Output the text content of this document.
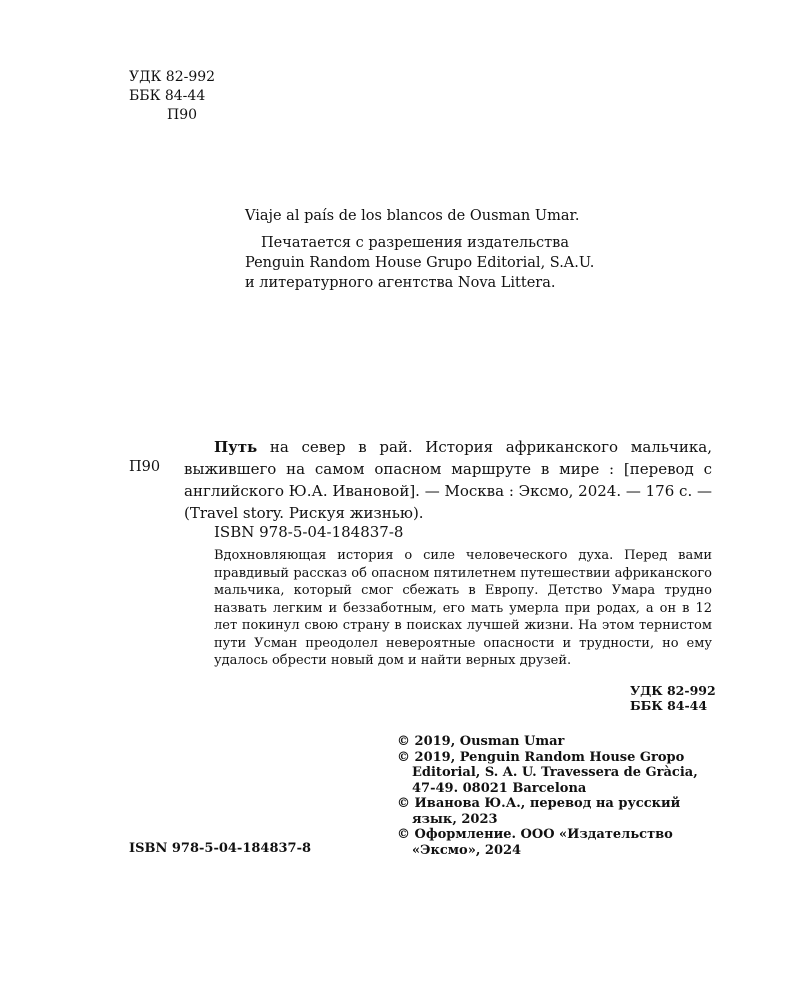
УДК 82-992
ББК 84-44
П90
Viaje al país de los blancos de Ousman Umar.
Печатается с разрешения издательства
Penguin Random House Grupo Editorial, S.A.U.
и литературного агентства Nova Littera.
П90

Путь на север в рай. История африканского мальчика, выжившего на самом опасном маршруте в мире : [перевод с английского Ю.А. Ивановой]. — Москва : Эксмо, 2024. — 176 с. — (Travel story. Рискуя жизнью).

ISBN 978-5-04-184837-8

Вдохновляющая история о силе человеческого духа. Перед вами правдивый рассказ об опасном пятилетнем путешествии африканского мальчика, который смог сбежать в Европу. Детство Умара трудно назвать легким и беззаботным, его мать умерла при родах, а он в 12 лет покинул свою страну в поисках лучшей жизни. На этом тернистом пути Усман преодолел невероятные опасности и трудности, но ему удалось обрести новый дом и найти верных друзей.

УДК 82-992
ББК 84-44
© 2019, Ousman Umar
© 2019, Penguin Random House Gropo Editorial, S. A. U. Travessera de Gràcia, 47-49. 08021 Barcelona
© Иванова Ю.А., перевод на русский язык, 2023
© Оформление. ООО «Издательство «Эксмо», 2024
ISBN 978-5-04-184837-8
